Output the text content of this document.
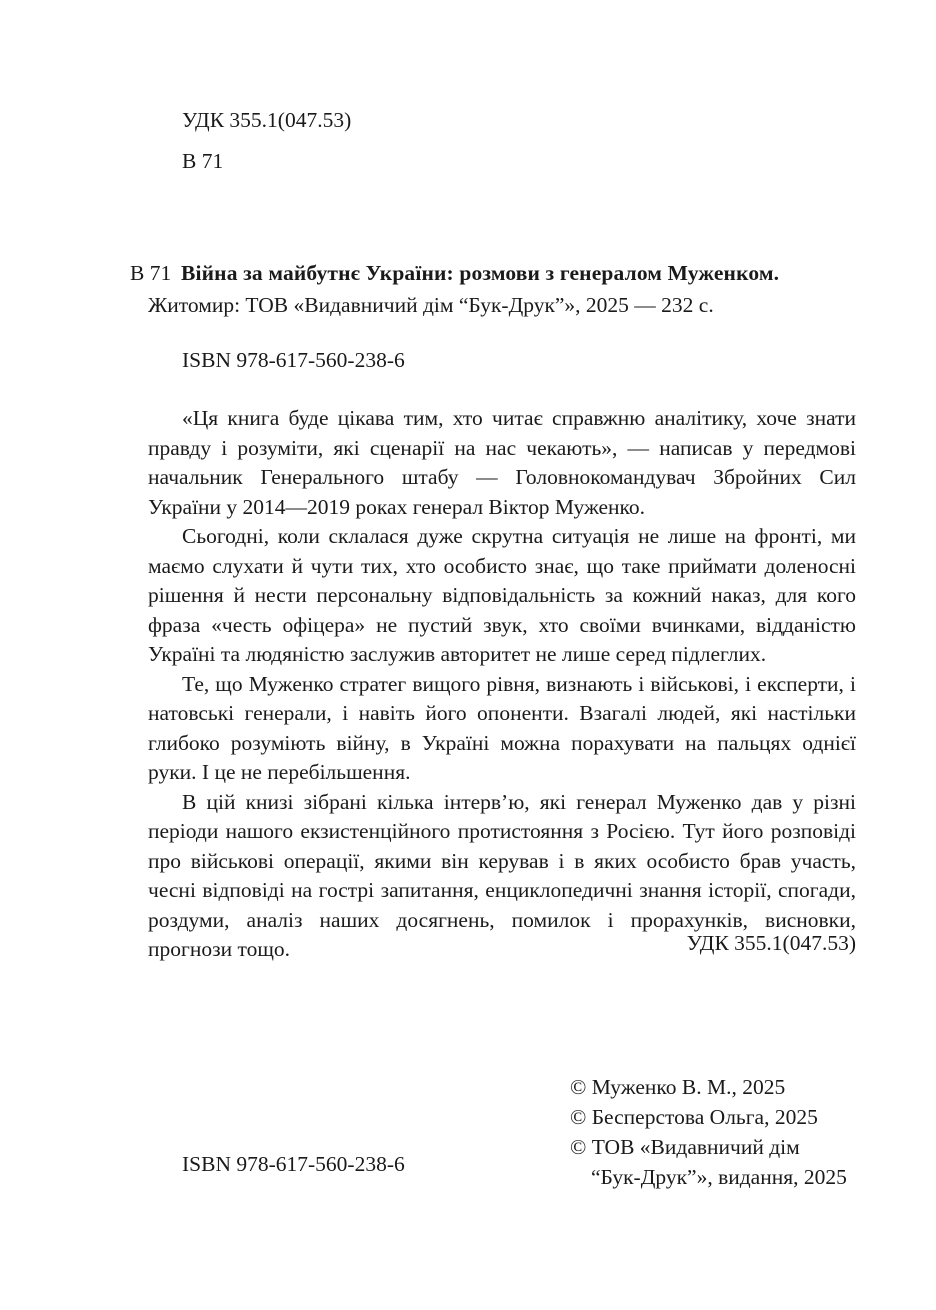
УДК 355.1(047.53)
В 71
В 71 Війна за майбутнє України: розмови з генералом Муженком.
Житомир: ТОВ «Видавничий дім “Бук-Друк”», 2025 — 232 с.
ISBN 978-617-560-238-6

«Ця книга буде цікава тим, хто читає справжню аналітику, хоче знати правду і розуміти, які сценарії на нас чекають», — написав у передмові начальник Генерального штабу — Головнокомандувач Збройних Сил України у 2014—2019 роках генерал Віктор Муженко.

Сьогодні, коли склалася дуже скрутна ситуація не лише на фронті, ми маємо слухати й чути тих, хто особисто знає, що таке приймати доленосні рішення й нести персональну відповідальність за кожний наказ, для кого фраза «честь офіцера» не пустий звук, хто своїми вчинками, відданістю Україні та людяністю заслужив авторитет не лише серед підлеглих.

Те, що Муженко стратег вищого рівня, визнають і військові, і експерти, і натовські генерали, і навіть його опоненти. Взагалі людей, які настільки глибоко розуміють війну, в Україні можна порахувати на пальцях однієї руки. І це не перебільшення.

В цій книзі зібрані кілька інтерв’ю, які генерал Муженко дав у різні періоди нашого екзистенційного протистояння з Росією. Тут його розповіді про військові операції, якими він керував і в яких особисто брав участь, чесні відповіді на гострі запитання, енциклопедичні знання історії, спогади, роздуми, аналіз наших досягнень, помилок і прорахунків, висновки, прогнози тощо.	УДК 355.1(047.53)
ISBN 978-617-560-238-6
© Муженко В. М., 2025
© Бесперстова Ольга, 2025
© ТОВ «Видавничий дім
“Бук-Друк”», видання, 2025
